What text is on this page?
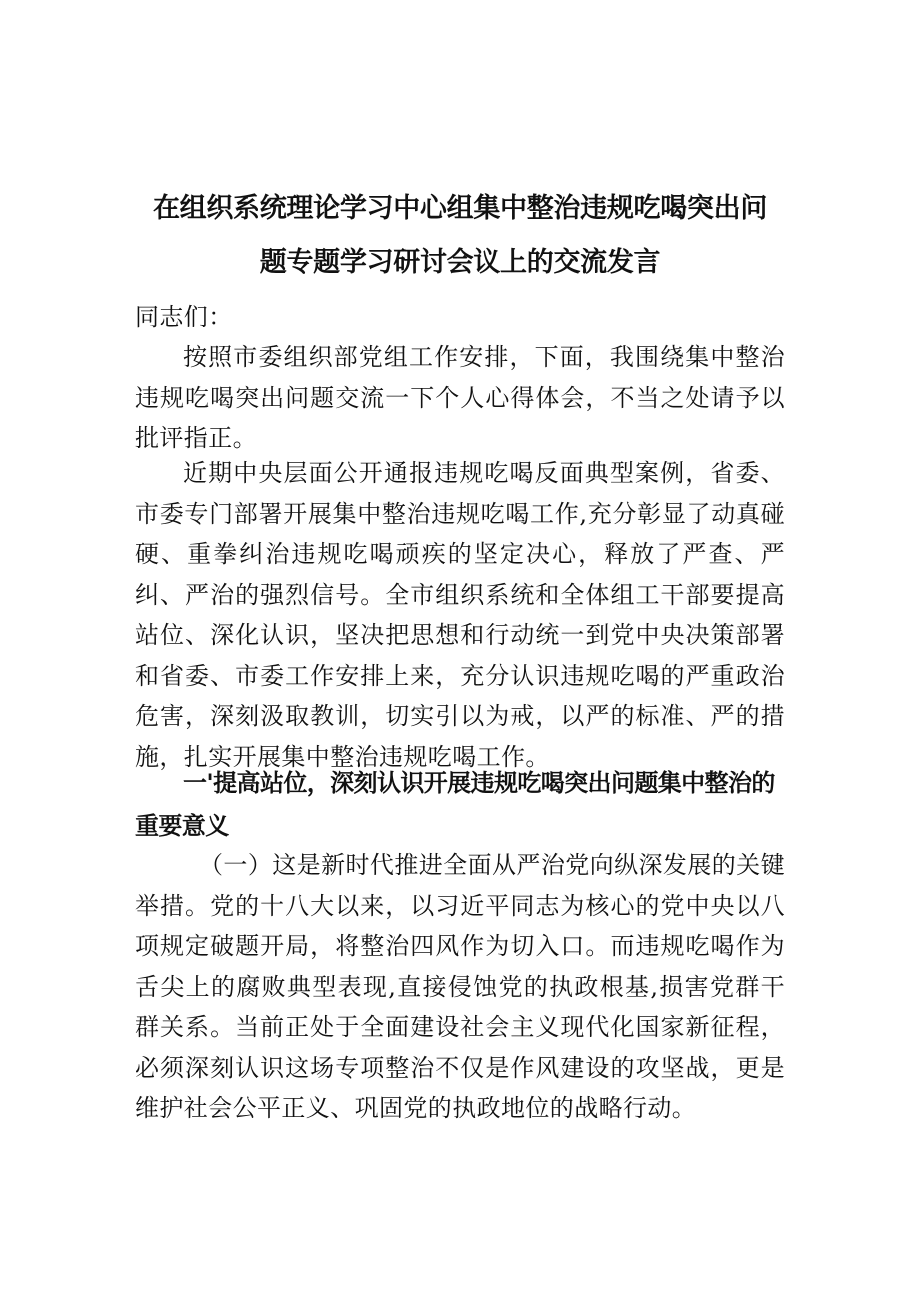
在组织系统理论学习中心组集中整治违规吃喝突出问题专题学习研讨会议上的交流发言

同志们：

按照市委组织部党组工作安排，下面，我围绕集中整治违规吃喝突出问题交流一下个人心得体会，不当之处请予以批评指正。

近期中央层面公开通报违规吃喝反面典型案例，省委、市委专门部署开展集中整治违规吃喝工作,充分彰显了动真碰硬、重拳纠治违规吃喝顽疾的坚定决心，释放了严查、严纠、严治的强烈信号。全市组织系统和全体组工干部要提高站位、深化认识，坚决把思想和行动统一到党中央决策部署和省委、市委工作安排上来，充分认识违规吃喝的严重政治危害，深刻汲取教训，切实引以为戒，以严的标准、严的措施，扎实开展集中整治违规吃喝工作。

一'提高站位，深刻认识开展违规吃喝突出问题集中整治的重要意义

（一）这是新时代推进全面从严治党向纵深发展的关键举措。党的十八大以来，以习近平同志为核心的党中央以八项规定破题开局，将整治四风作为切入口。而违规吃喝作为舌尖上的腐败典型表现,直接侵蚀党的执政根基,损害党群干群关系。当前正处于全面建设社会主义现代化国家新征程，必须深刻认识这场专项整治不仅是作风建设的攻坚战，更是维护社会公平正义、巩固党的执政地位的战略行动。
